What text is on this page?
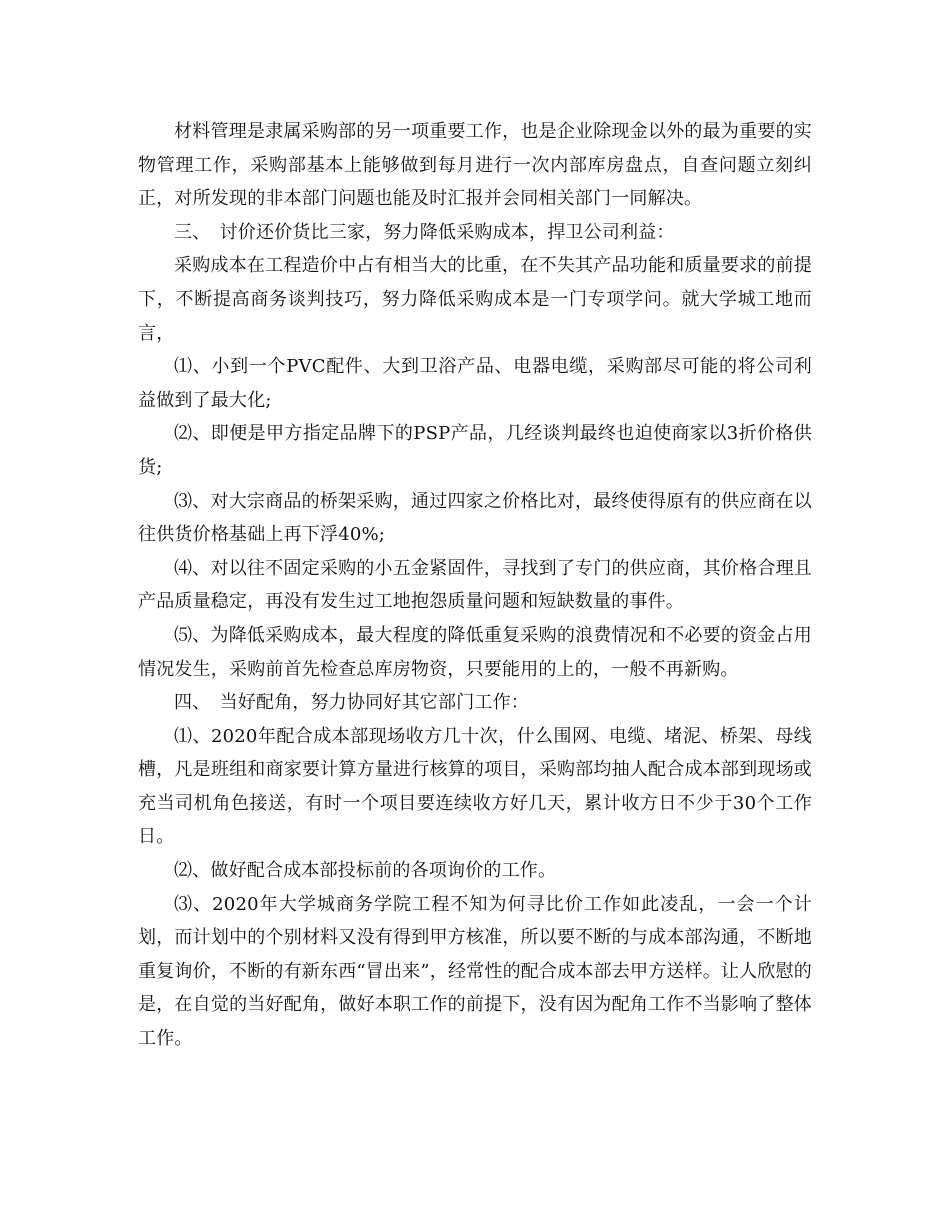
材料管理是隶属采购部的另一项重要工作，也是企业除现金以外的最为重要的实物管理工作，采购部基本上能够做到每月进行一次内部库房盘点，自查问题立刻纠正，对所发现的非本部门问题也能及时汇报并会同相关部门一同解决。

三、　讨价还价货比三家，努力降低采购成本，捍卫公司利益：

采购成本在工程造价中占有相当大的比重，在不失其产品功能和质量要求的前提下，不断提高商务谈判技巧，努力降低采购成本是一门专项学问。就大学城工地而言，

⑴、小到一个PVC配件、大到卫浴产品、电器电缆，采购部尽可能的将公司利益做到了最大化;

⑵、即便是甲方指定品牌下的PSP产品，几经谈判最终也迫使商家以3折价格供货;

⑶、对大宗商品的桥架采购，通过四家之价格比对，最终使得原有的供应商在以往供货价格基础上再下浮40%;

⑷、对以往不固定采购的小五金紧固件，寻找到了专门的供应商，其价格合理且产品质量稳定，再没有发生过工地抱怨质量问题和短缺数量的事件。

⑸、为降低采购成本，最大程度的降低重复采购的浪费情况和不必要的资金占用情况发生，采购前首先检查总库房物资，只要能用的上的，一般不再新购。

四、　当好配角，努力协同好其它部门工作：

⑴、2020年配合成本部现场收方几十次，什么围网、电缆、堵泥、桥架、母线槽，凡是班组和商家要计算方量进行核算的项目，采购部均抽人配合成本部到现场或充当司机角色接送，有时一个项目要连续收方好几天，累计收方日不少于30个工作日。

⑵、做好配合成本部投标前的各项询价的工作。

⑶、2020年大学城商务学院工程不知为何寻比价工作如此凌乱，一会一个计划，而计划中的个别材料又没有得到甲方核准，所以要不断的与成本部沟通，不断地重复询价，不断的有新东西“冒出来”，经常性的配合成本部去甲方送样。让人欣慰的是，在自觉的当好配角，做好本职工作的前提下，没有因为配角工作不当影响了整体工作。
